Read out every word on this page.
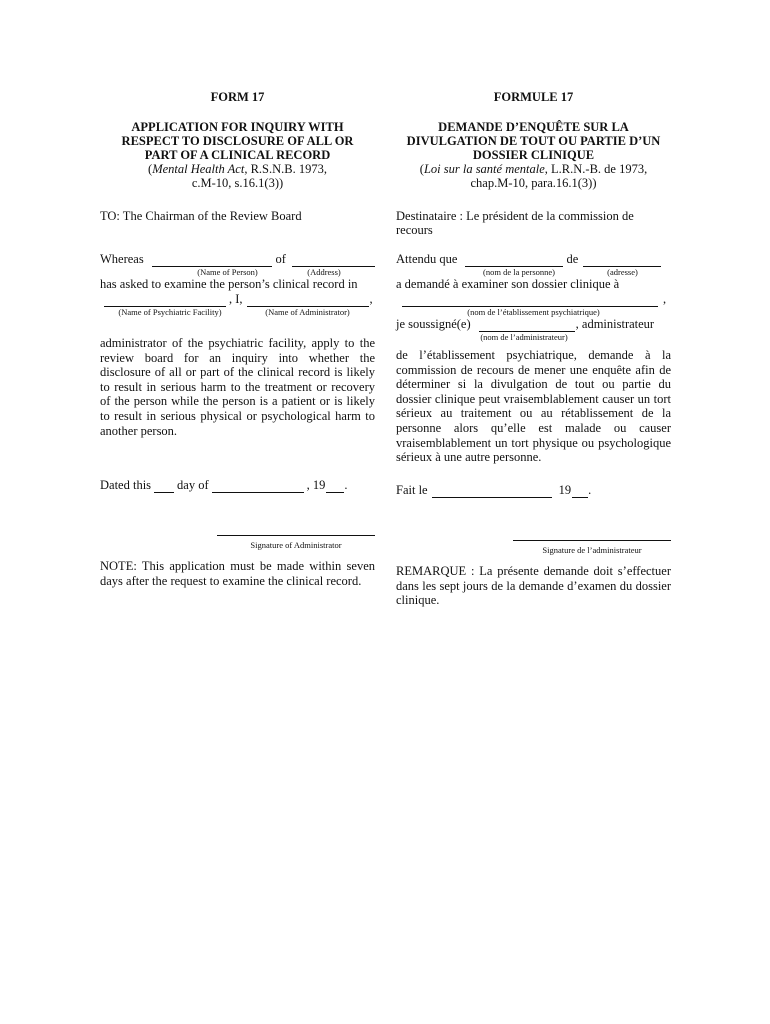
FORM 17
APPLICATION FOR INQUIRY WITH
RESPECT TO DISCLOSURE OF ALL OR
PART OF A CLINICAL RECORD
(Mental Health Act, R.S.N.B. 1973,
c.M-10, s.16.1(3))
TO: The Chairman of the Review Board
Whereas	of
(Name of Person)	(Address)
has asked to examine the person’s clinical record in
, I,	,
(Name of Psychiatric Facility)	(Name of Administrator)
administrator of the psychiatric facility, apply to the review board for an inquiry into whether the disclosure of all or part of the clinical record is likely to result in serious harm to the treatment or recovery of the person while the person is a patient or is likely to result in serious physical or psychological harm to another person.
Dated this day of	, 19 .
Signature of Administrator
NOTE: This application must be made within seven days after the request to examine the clinical record.
FORMULE 17
DEMANDE D’ENQUÊTE SUR LA
DIVULGATION DE TOUT OU PARTIE D’UN
DOSSIER CLINIQUE
(Loi sur la santé mentale, L.R.N.-B. de 1973,
chap.M-10, para.16.1(3))
Destinataire : Le président de la commission de recours
Attendu que	de
(nom de la personne)	(adresse)
a demandé à examiner son dossier clinique à
,
(nom de l’établissement psychiatrique)
je soussigné(e)	, administrateur
(nom de l’administrateur)
de l’établissement psychiatrique, demande à la commission de recours de mener une enquête afin de déterminer si la divulgation de tout ou partie du dossier clinique peut vraisemblablement causer un tort sérieux au traitement ou au rétablissement de la personne alors qu’elle est malade ou causer vraisemblablement un tort physique ou psychologique sérieux à une autre personne.
Fait le	19 .
Signature de l’administrateur
REMARQUE : La présente demande doit s’effectuer dans les sept jours de la demande d’examen du dossier clinique.
